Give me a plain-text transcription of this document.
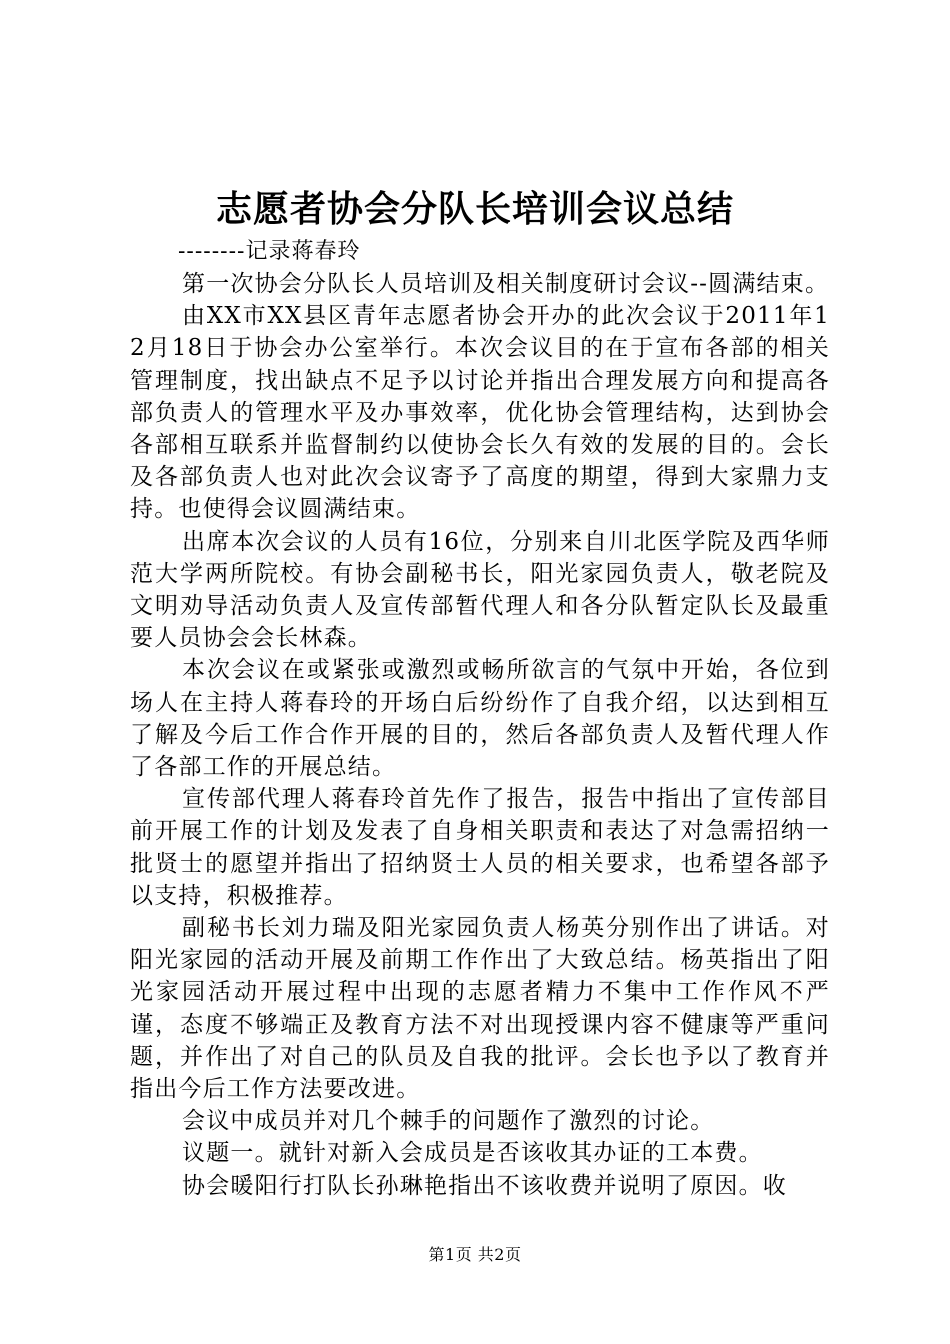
志愿者协会分队长培训会议总结
--------记录蒋春玲

第一次协会分队长人员培训及相关制度研讨会议--圆满结束。

由XX市XX县区青年志愿者协会开办的此次会议于2011年12月18日于协会办公室举行。本次会议目的在于宣布各部的相关管理制度，找出缺点不足予以讨论并指出合理发展方向和提高各部负责人的管理水平及办事效率，优化协会管理结构，达到协会各部相互联系并监督制约以使协会长久有效的发展的目的。会长及各部负责人也对此次会议寄予了高度的期望，得到大家鼎力支持。也使得会议圆满结束。

出席本次会议的人员有16位，分别来自川北医学院及西华师范大学两所院校。有协会副秘书长，阳光家园负责人，敬老院及文明劝导活动负责人及宣传部暂代理人和各分队暂定队长及最重要人员协会会长林森。

本次会议在或紧张或激烈或畅所欲言的气氛中开始，各位到场人在主持人蒋春玲的开场白后纷纷作了自我介绍，以达到相互了解及今后工作合作开展的目的，然后各部负责人及暂代理人作了各部工作的开展总结。

宣传部代理人蒋春玲首先作了报告，报告中指出了宣传部目前开展工作的计划及发表了自身相关职责和表达了对急需招纳一批贤士的愿望并指出了招纳贤士人员的相关要求，也希望各部予以支持，积极推荐。

副秘书长刘力瑞及阳光家园负责人杨英分别作出了讲话。对阳光家园的活动开展及前期工作作出了大致总结。杨英指出了阳光家园活动开展过程中出现的志愿者精力不集中工作作风不严谨，态度不够端正及教育方法不对出现授课内容不健康等严重问题，并作出了对自己的队员及自我的批评。会长也予以了教育并指出今后工作方法要改进。

会议中成员并对几个棘手的问题作了激烈的讨论。

议题一。就针对新入会成员是否该收其办证的工本费。

协会暖阳行打队长孙琳艳指出不该收费并说明了原因。收

第1页 共2页
